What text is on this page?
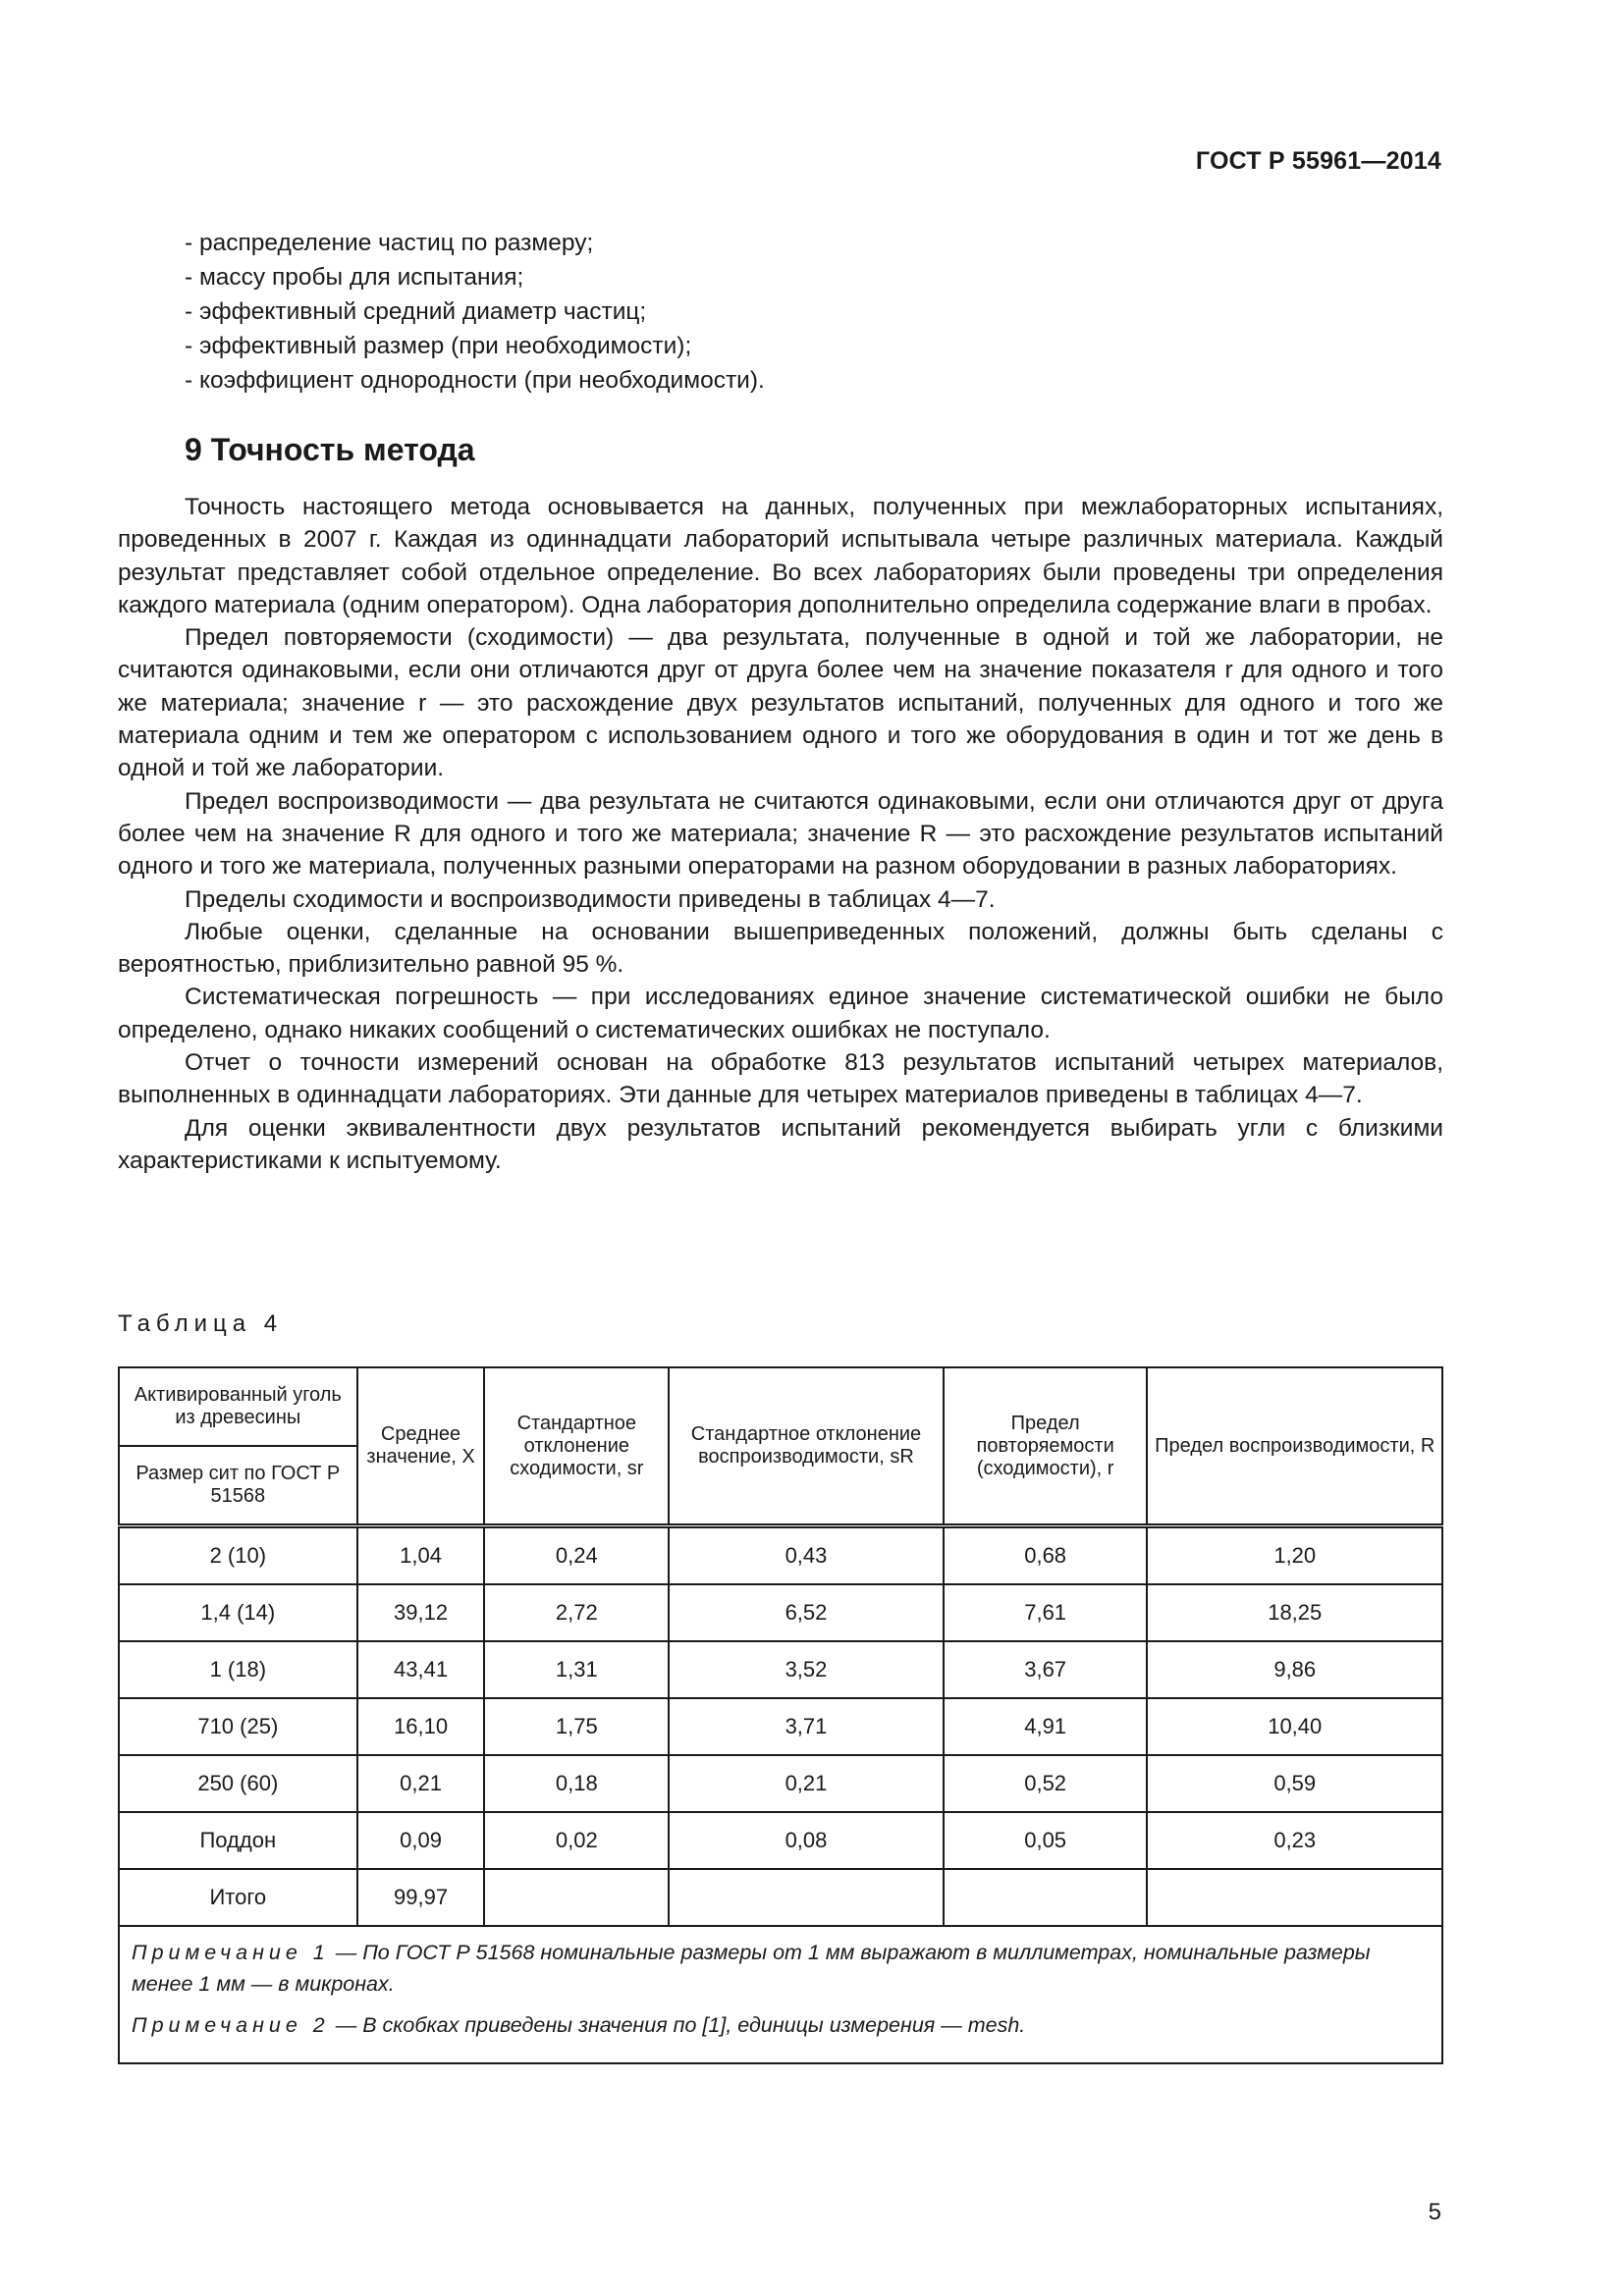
ГОСТ Р 55961—2014
- распределение частиц по размеру;
- массу пробы для испытания;
- эффективный средний диаметр частиц;
- эффективный размер (при необходимости);
- коэффициент однородности (при необходимости).
9 Точность метода

Точность настоящего метода основывается на данных, полученных при межлабораторных испытаниях, проведенных в 2007 г. Каждая из одиннадцати лабораторий испытывала четыре различных материала. Каждый результат представляет собой отдельное определение. Во всех лабораториях были проведены три определения каждого материала (одним оператором). Одна лаборатория дополнительно определила содержание влаги в пробах.

Предел повторяемости (сходимости) — два результата, полученные в одной и той же лаборатории, не считаются одинаковыми, если они отличаются друг от друга более чем на значение показателя r для одного и того же материала; значение r — это расхождение двух результатов испытаний, полученных для одного и того же материала одним и тем же оператором с использованием одного и того же оборудования в один и тот же день в одной и той же лаборатории.

Предел воспроизводимости — два результата не считаются одинаковыми, если они отличаются друг от друга более чем на значение R для одного и того же материала; значение R — это расхождение результатов испытаний одного и того же материала, полученных разными операторами на разном оборудовании в разных лабораториях.

Пределы сходимости и воспроизводимости приведены в таблицах 4—7.

Любые оценки, сделанные на основании вышеприведенных положений, должны быть сделаны с вероятностью, приблизительно равной 95 %.

Систематическая погрешность — при исследованиях единое значение систематической ошибки не было определено, однако никаких сообщений о систематических ошибках не поступало.

Отчет о точности измерений основан на обработке 813 результатов испытаний четырех материалов, выполненных в одиннадцати лабораториях. Эти данные для четырех материалов приведены в таблицах 4—7.

Для оценки эквивалентности двух результатов испытаний рекомендуется выбирать угли с близкими характеристиками к испытуемому.

Таблица 4
Активированный уголь из древесины	Среднее значение, X	Стандартное отклонение сходимости, sr	Стандартное отклонение воспроизводимости, sR	Предел повторяемости (сходимости), r	Предел воспроизводимости, R
Размер сит по ГОСТ Р 51568					
2 (10)	1,04	0,24	0,43	0,68	1,20
1,4 (14)	39,12	2,72	6,52	7,61	18,25
1 (18)	43,41	1,31	3,52	3,67	9,86
710 (25)	16,10	1,75	3,71	4,91	10,40
250 (60)	0,21	0,18	0,21	0,52	0,59
Поддон	0,09	0,02	0,08	0,05	0,23
Итого	99,97				

Примечание 1 — По ГОСТ Р 51568 номинальные размеры от 1 мм выражают в миллиметрах, номинальные размеры менее 1 мм — в микронах.

Примечание 2 — В скобках приведены значения по [1], единицы измерения — mesh.					

5
